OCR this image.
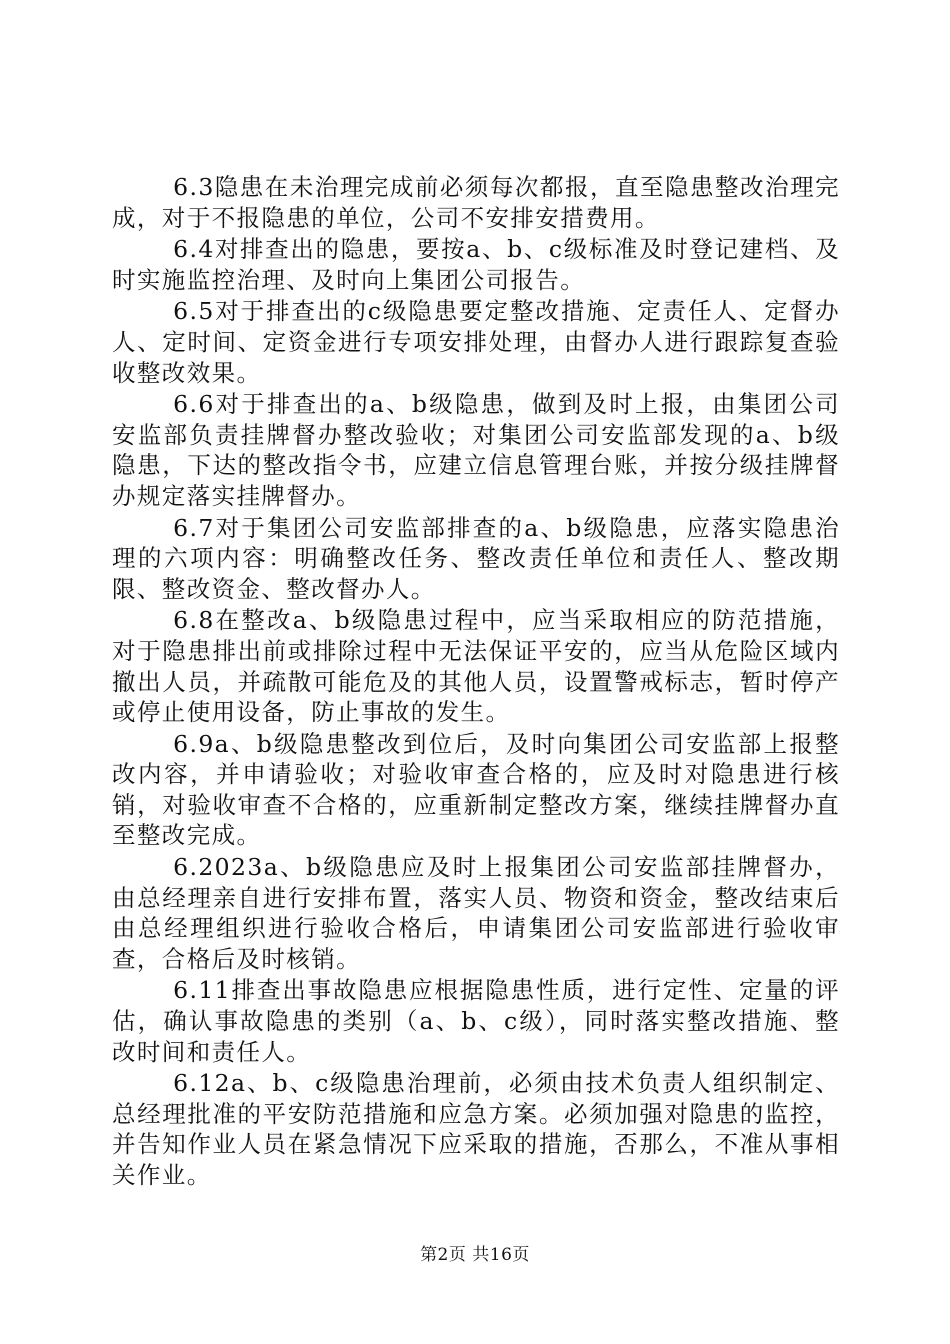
6.3隐患在未治理完成前必须每次都报，直至隐患整改治理完成，对于不报隐患的单位，公司不安排安措费用。

6.4对排查出的隐患，要按a、b、c级标准及时登记建档、及时实施监控治理、及时向上集团公司报告。

6.5对于排查出的c级隐患要定整改措施、定责任人、定督办人、定时间、定资金进行专项安排处理，由督办人进行跟踪复查验收整改效果。

6.6对于排查出的a、b级隐患，做到及时上报，由集团公司安监部负责挂牌督办整改验收；对集团公司安监部发现的a、b级隐患，下达的整改指令书，应建立信息管理台账，并按分级挂牌督办规定落实挂牌督办。

6.7对于集团公司安监部排查的a、b级隐患，应落实隐患治理的六项内容：明确整改任务、整改责任单位和责任人、整改期限、整改资金、整改督办人。

6.8在整改a、b级隐患过程中，应当采取相应的防范措施，对于隐患排出前或排除过程中无法保证平安的，应当从危险区域内撤出人员，并疏散可能危及的其他人员，设置警戒标志，暂时停产或停止使用设备，防止事故的发生。

6.9a、b级隐患整改到位后，及时向集团公司安监部上报整改内容，并申请验收；对验收审查合格的，应及时对隐患进行核销，对验收审查不合格的，应重新制定整改方案，继续挂牌督办直至整改完成。

6.2023a、b级隐患应及时上报集团公司安监部挂牌督办，由总经理亲自进行安排布置，落实人员、物资和资金，整改结束后由总经理组织进行验收合格后，申请集团公司安监部进行验收审查，合格后及时核销。

6.11排查出事故隐患应根据隐患性质，进行定性、定量的评估，确认事故隐患的类别（a、b、c级），同时落实整改措施、整改时间和责任人。

6.12a、b、c级隐患治理前，必须由技术负责人组织制定、总经理批准的平安防范措施和应急方案。必须加强对隐患的监控，并告知作业人员在紧急情况下应采取的措施，否那么，不准从事相关作业。

第2页 共16页
